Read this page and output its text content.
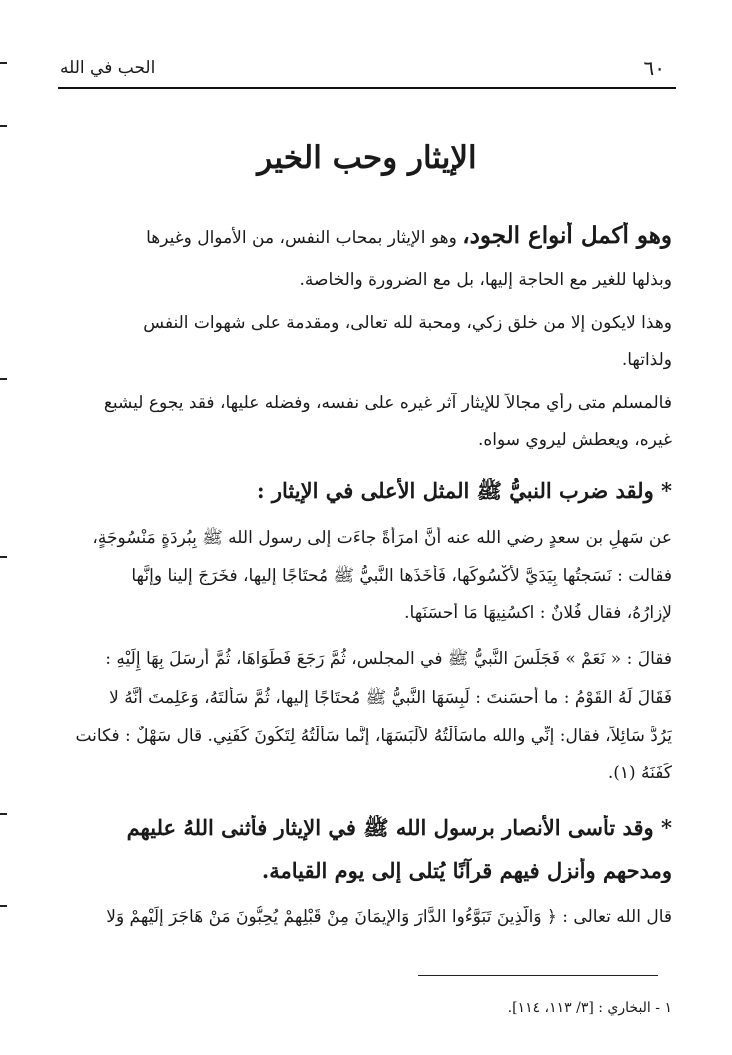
٦٠
الحب في الله
الإيثار وحب الخير
وهو أكمل أنواع الجود، وهو الإيثار بمحاب النفس، من الأموال وغيرها
وبذلها للغير مع الحاجة إليها، بل مع الضرورة والخاصة.
وهذا لايكون إلا من خلق زكي، ومحبة لله تعالى، ومقدمة على شهوات النفس
ولذاتها.
فالمسلم متى رأي مجالاً للإيثار آثر غيره على نفسه، وفضله عليها، فقد يجوع ليشبع
غيره، ويعطش ليروي سواه.
* ولقد ضرب النبيُّ ﷺ المثل الأعلى في الإيثار :
عن سَهلِ بن سعدٍ رضي الله عنه أنَّ امرَأَةً جاءَت إلى رسول الله ﷺ بِبُردَةٍ مَنْسُوجَةٍ،
فقالت : نَسَجتُها بِيَدَيَّ لأكْسُوكَها، فَأَخَذَها النَّبيُّ ﷺ مُحتَاجًا إليها، فخَرَجَ إلينا وإنَّها
لإزارُهُ، فقال فُلانٌ : اكسُنِيهَا مَا أَحسَنَها.
فقالَ : « نَعَمْ » فَجَلَسَ النَّبيُّ ﷺ في المجلس، ثُمَّ رَجَعَ فَطَوَاهَا، ثُمَّ أَرسَلَ بِهَا إِلَيْهِ :
فَقَالَ لَهُ القَوْمُ : ما أَحسَنتَ : لَبِسَهَا النَّبيُّ ﷺ مُحتَاجًا إليها، ثُمَّ سَأَلتَهُ، وَعَلِمتَ أَنَّهُ لا
يَرُدُّ سَائِلاً، فقال: إنِّي والله ماسَأَلْتُهُ لألْبَسَهَا، إنَّما سَأَلْتُهُ لِتَكُونَ كَفَنِي. قال سَهْلٌ : فكانت
كَفَنَهُ (١).
* وقد تأسى الأنصار برسول الله ﷺ في الإيثار فأثنى اللهُ عليهم
ومدحهم وأنزل فيهم قرآنًا يُتلى إلى يوم القيامة.
قال الله تعالى : ﴿ وَالَّذِينَ تَبَوَّءُوا الدَّارَ وَالإِيمَانَ مِنْ قَبْلِهِمْ يُحِبُّونَ مَنْ هَاجَرَ إِلَيْهِمْ وَلا
١ - البخاري : [٣/ ١١٣، ١١٤].
